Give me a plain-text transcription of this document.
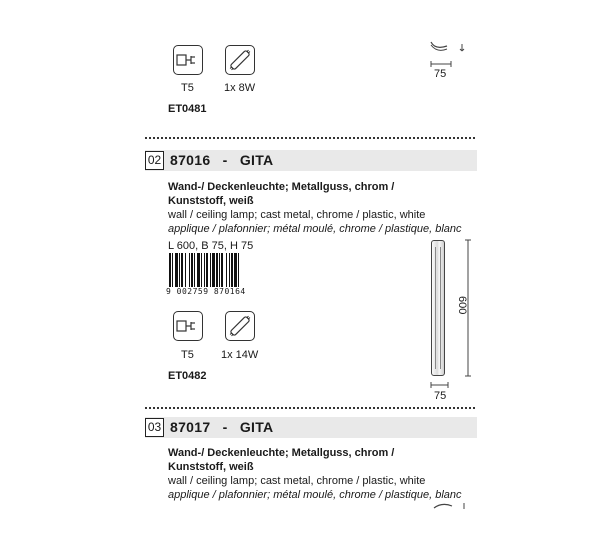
T5	1x 8W
ET0481
75
02 87016 - GITA
Wand-/ Deckenleuchte; Metallguss, chrom /
Kunststoff, weiß
wall / ceiling lamp; cast metal, chrome / plastic, white
applique / plafonnier; métal moulé, chrome / plastique, blanc
L 600, B 75, H 75
9 002759 870164
T5 1x 14W
ET0482
600
75
03 87017 - GITA
Wand-/ Deckenleuchte; Metallguss, chrom /
Kunststoff, weiß
wall / ceiling lamp; cast metal, chrome / plastic, white
applique / plafonnier; métal moulé, chrome / plastique, blanc
